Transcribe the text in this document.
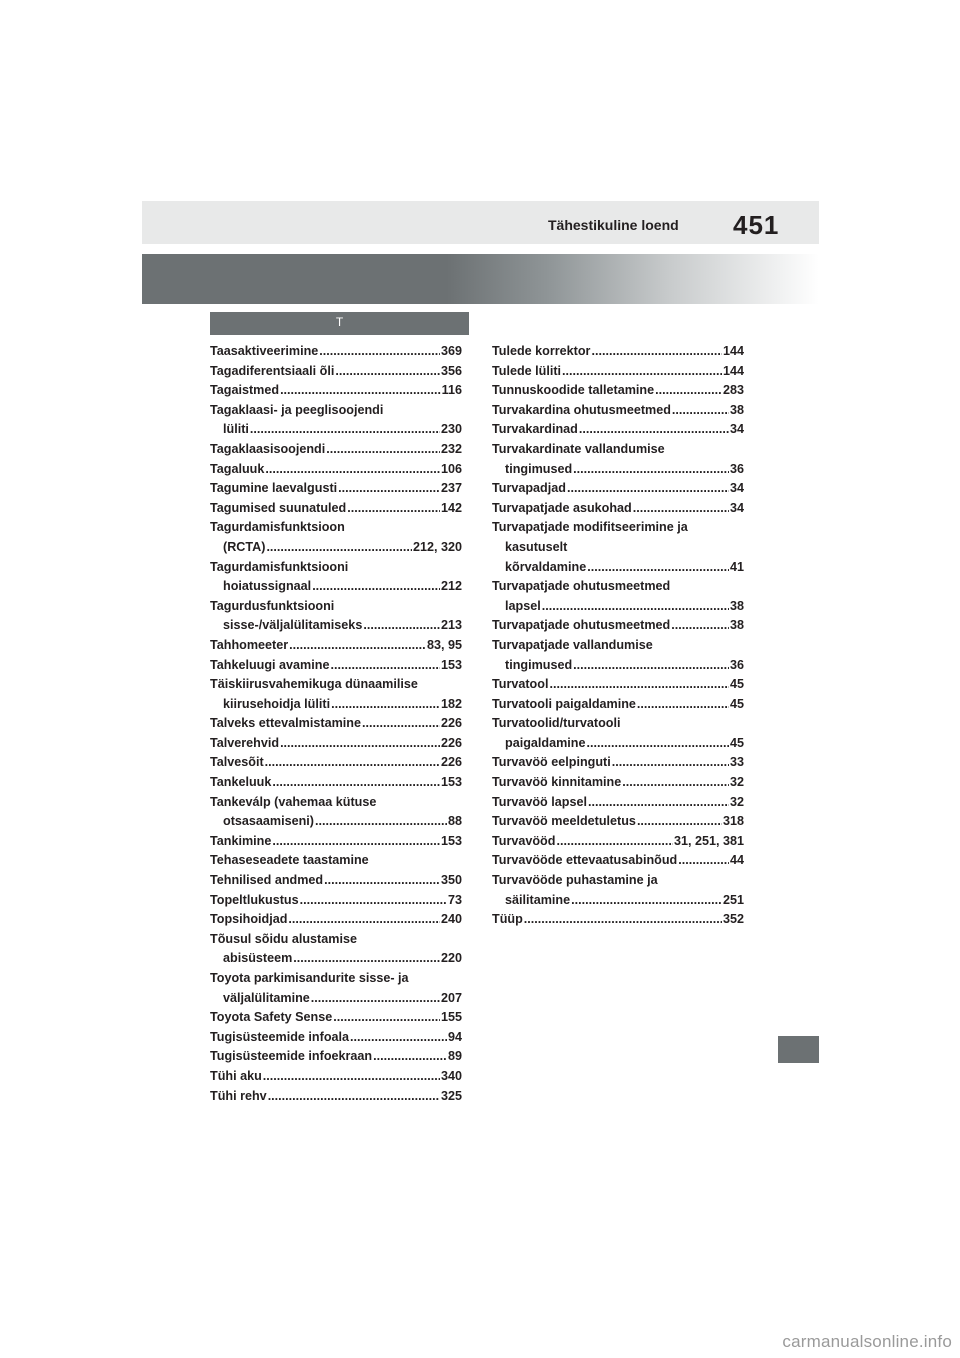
Tähestikuline loend 451
T
Taasaktiveerimine .....	369
Tagadiferentsiaali õli .....	356
Tagaistmed .....	116
Tagaklaasi- ja peeglisoojendi
lüliti .....	230
Tagaklaasisoojendi .....	232
Tagaluuk .....	106
Tagumine laevalgusti .....	237
Tagumised suunatuled .....	142
Tagurdamisfunktsioon
(RCTA) .....	212, 320
Tagurdamisfunktsiooni
hoiatussignaal .....	212
Tagurdusfunktsiooni
sisse-/väljalülitamiseks .....	213
Tahhomeeter .....	83, 95
Tahkeluugi avamine .....	153
Täiskiirusvahemikuga dünaamilise
kiirusehoidja lüliti .....	182
Talveks ettevalmistamine .....	226
Talverehvid .....	226
Talvesõit .....	226
Tankeluuk .....	153
Tankeválp (vahemaa kütuse
otsasaamiseni) .....	88
Tankimine .....	153
Tehaseseadete taastamine
Tehnilised andmed .....	350
Topeltlukustus .....	73
Topsihoidjad .....	240
Tõusul sõidu alustamise
abisüsteem .....	220
Toyota parkimisandurite sisse- ja
väljalülitamine .....	207
Toyota Safety Sense .....	155
Tugisüsteemide infoala .....	94
Tugisüsteemide infoekraan .....	89
Tühi aku .....	340
Tühi rehv .....	325
Tulede korrektor .....	144
Tulede lüliti .....	144
Tunnuskoodide talletamine .....	283
Turvakardina ohutusmeetmed .....	38
Turvakardinad .....	34
Turvakardinate vallandumise
tingimused .....	36
Turvapadjad .....	34
Turvapatjade asukohad .....	34
Turvapatjade modifitseerimine ja
kasutuselt
kõrvaldamine .....	41
Turvapatjade ohutusmeetmed
lapsel .....	38
Turvapatjade ohutusmeetmed .....	38
Turvapatjade vallandumise
tingimused .....	36
Turvatool .....	45
Turvatooli paigaldamine .....	45
Turvatoolid/turvatooli
paigaldamine .....	45
Turvavöö eelpinguti .....	33
Turvavöö kinnitamine .....	32
Turvavöö lapsel .....	32
Turvavöö meeldetuletus .....	318
Turvavööd .....	31, 251, 381
Turvavööde ettevaatusabinõud .....	44
Turvavööde puhastamine ja
säilitamine .....	251
Tüüp .....	352
carmanualsonline.info
